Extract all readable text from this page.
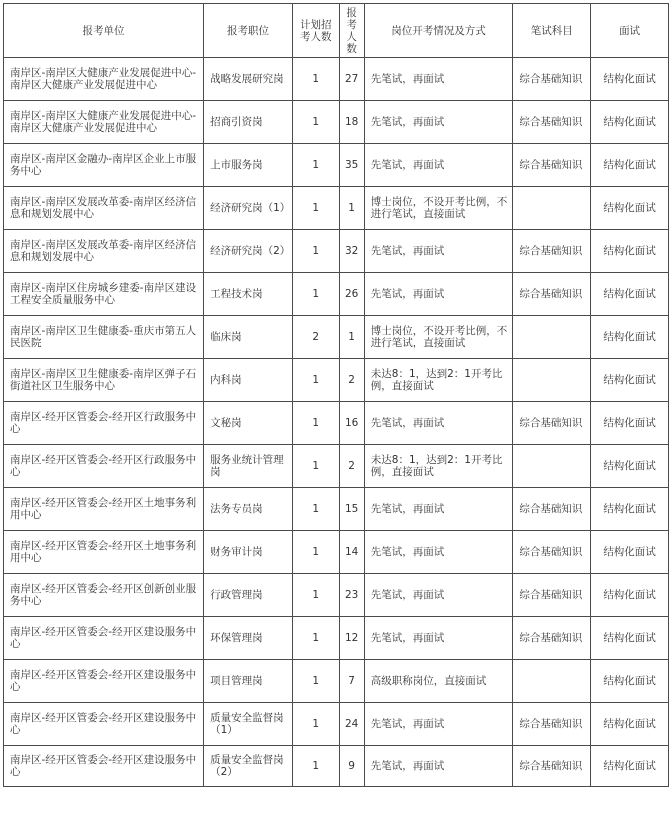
报考单位	报考职位	计划招考人数	报考人数	岗位开考情况及方式	笔试科目	面试
南岸区-南岸区大健康产业发展促进中心-南岸区大健康产业发展促进中心	战略发展研究岗	1	27	先笔试，再面试	综合基础知识	结构化面试
南岸区-南岸区大健康产业发展促进中心-南岸区大健康产业发展促进中心	招商引资岗	1	18	先笔试，再面试	综合基础知识	结构化面试
南岸区-南岸区金融办-南岸区企业上市服务中心	上市服务岗	1	35	先笔试，再面试	综合基础知识	结构化面试
南岸区-南岸区发展改革委-南岸区经济信息和规划发展中心	经济研究岗（1）	1	1	博士岗位，不设开考比例，不进行笔试，直接面试		结构化面试
南岸区-南岸区发展改革委-南岸区经济信息和规划发展中心	经济研究岗（2）	1	32	先笔试，再面试	综合基础知识	结构化面试
南岸区-南岸区住房城乡建委-南岸区建设工程安全质量服务中心	工程技术岗	1	26	先笔试，再面试	综合基础知识	结构化面试
南岸区-南岸区卫生健康委-重庆市第五人民医院	临床岗	2	1	博士岗位，不设开考比例，不进行笔试，直接面试		结构化面试
南岸区-南岸区卫生健康委-南岸区弹子石街道社区卫生服务中心	内科岗	1	2	未达8：1，达到2：1开考比例，直接面试		结构化面试
南岸区-经开区管委会-经开区行政服务中心	文秘岗	1	16	先笔试，再面试	综合基础知识	结构化面试
南岸区-经开区管委会-经开区行政服务中心	服务业统计管理岗	1	2	未达8：1，达到2：1开考比例，直接面试		结构化面试
南岸区-经开区管委会-经开区土地事务利用中心	法务专员岗	1	15	先笔试，再面试	综合基础知识	结构化面试
南岸区-经开区管委会-经开区土地事务利用中心	财务审计岗	1	14	先笔试，再面试	综合基础知识	结构化面试
南岸区-经开区管委会-经开区创新创业服务中心	行政管理岗	1	23	先笔试，再面试	综合基础知识	结构化面试
南岸区-经开区管委会-经开区建设服务中心	环保管理岗	1	12	先笔试，再面试	综合基础知识	结构化面试
南岸区-经开区管委会-经开区建设服务中心	项目管理岗	1	7	高级职称岗位，直接面试		结构化面试
南岸区-经开区管委会-经开区建设服务中心	质量安全监督岗（1）	1	24	先笔试，再面试	综合基础知识	结构化面试
南岸区-经开区管委会-经开区建设服务中心	质量安全监督岗（2）	1	9	先笔试，再面试	综合基础知识	结构化面试
